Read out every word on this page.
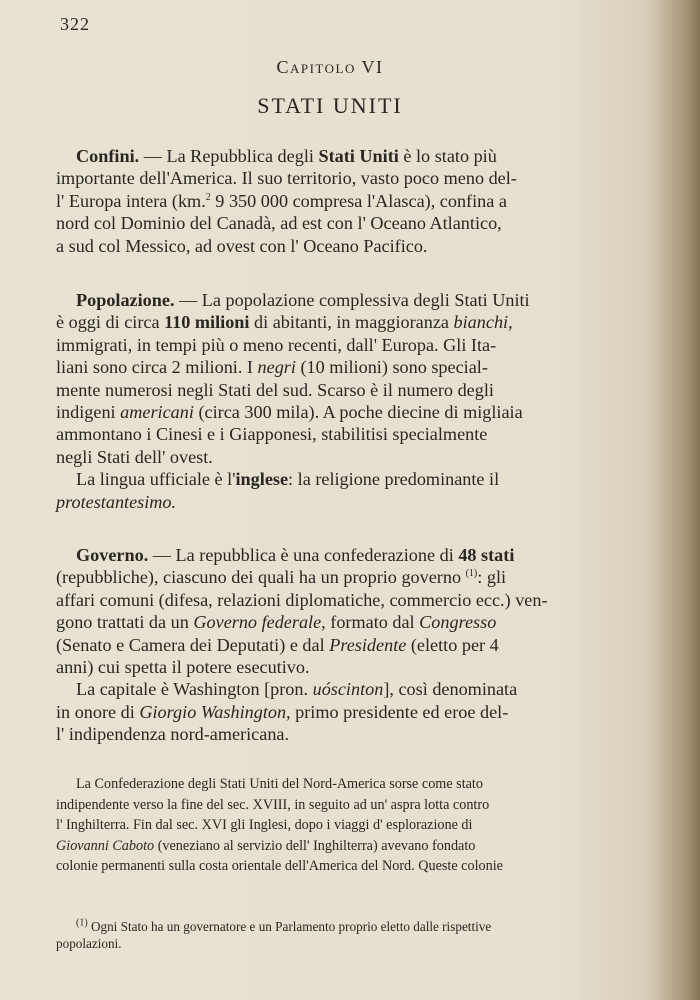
322
Capitolo VI
STATI UNITI
Confini. — La Repubblica degli Stati Uniti è lo stato più
importante dell'America. Il suo territorio, vasto poco meno del-
l' Europa intera (km.$^2$ 9 350 000 compresa l'Alasca), confina a
nord col Dominio del Canadà, ad est con l' Oceano Atlantico,
a sud col Messico, ad ovest con l' Oceano Pacifico.
Popolazione. — La popolazione complessiva degli Stati Uniti
è oggi di circa 110 milioni di abitanti, in maggioranza bianchi,
immigrati, in tempi più o meno recenti, dall' Europa. Gli Ita-
liani sono circa 2 milioni. I negri (10 milioni) sono special-
mente numerosi negli Stati del sud. Scarso è il numero degli
indigeni americani (circa 300 mila). A poche diecine di migliaia
ammontano i Cinesi e i Giapponesi, stabilitisi specialmente
negli Stati dell' ovest.
La lingua ufficiale è l'inglese: la religione predominante il
protestantesimo.
Governo. — La repubblica è una confederazione di 48 stati
(repubbliche), ciascuno dei quali ha un proprio governo $^{(1)}$: gli
affari comuni (difesa, relazioni diplomatiche, commercio ecc.) ven-
gono trattati da un Governo federale, formato dal Congresso
(Senato e Camera dei Deputati) e dal Presidente (eletto per 4
anni) cui spetta il potere esecutivo.
La capitale è Washington [pron. uóscinton], così denominata
in onore di Giorgio Washington, primo presidente ed eroe del-
l' indipendenza nord-americana.
La Confederazione degli Stati Uniti del Nord-America sorse come stato
indipendente verso la fine del sec. XVIII, in seguito ad un' aspra lotta contro
l' Inghilterra. Fin dal sec. XVI gli Inglesi, dopo i viaggi d' esplorazione di
Giovanni Caboto (veneziano al servizio dell' Inghilterra) avevano fondato
colonie permanenti sulla costa orientale dell'America del Nord. Queste colonie
$^{(1)}$ Ogni Stato ha un governatore e un Parlamento proprio eletto dalle rispettive
popolazioni.
